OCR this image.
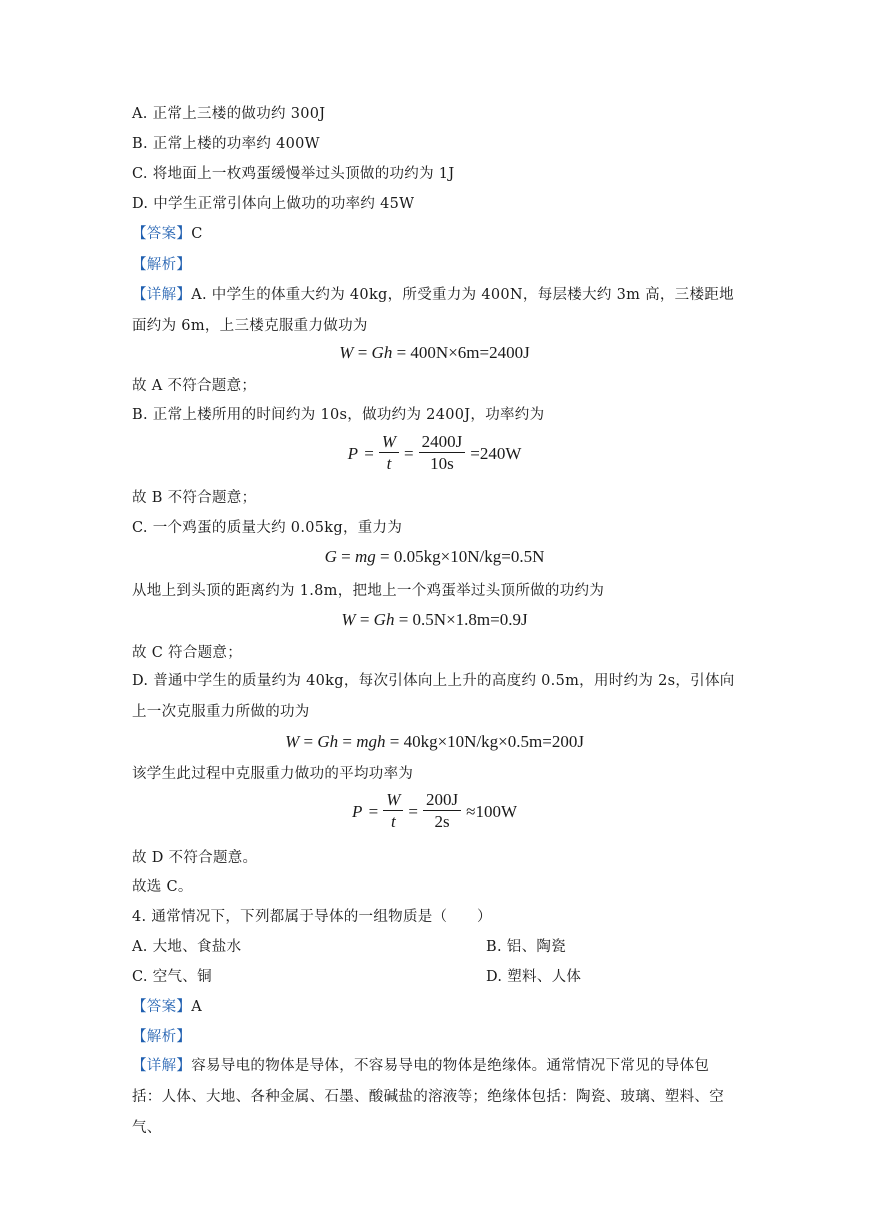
A. 正常上三楼的做功约 300J
B. 正常上楼的功率约 400W
C. 将地面上一枚鸡蛋缓慢举过头顶做的功约为 1J
D. 中学生正常引体向上做功的功率约 45W
【答案】C
【解析】
【详解】A. 中学生的体重大约为 40kg，所受重力为 400N，每层楼大约 3m 高，三楼距地面约为 6m，上三楼克服重力做功为
W = Gh = 400N×6m=2400J
故 A 不符合题意；
B. 正常上楼所用的时间约为 10s，做功约为 2400J，功率约为
$P = \frac{W}{t} = \frac{2400J}{10s} =240W$
故 B 不符合题意；
C. 一个鸡蛋的质量大约 0.05kg，重力为
G = mg = 0.05kg×10N/kg=0.5N
从地上到头顶的距离约为 1.8m，把地上一个鸡蛋举过头顶所做的功约为
W = Gh = 0.5N×1.8m=0.9J
故 C 符合题意；
D. 普通中学生的质量约为 40kg，每次引体向上上升的高度约 0.5m，用时约为 2s，引体向上一次克服重力所做的功为
W = Gh = mgh = 40kg×10N/kg×0.5m=200J
该学生此过程中克服重力做功的平均功率为
$P = \frac{W}{t} = \frac{200J}{2s} \approx 100W$
故 D 不符合题意。
故选 C。
4. 通常情况下，下列都属于导体的一组物质是（　　）
A. 大地、食盐水	B. 铝、陶瓷
C. 空气、铜	D. 塑料、人体
【答案】A
【解析】
【详解】容易导电的物体是导体，不容易导电的物体是绝缘体。通常情况下常见的导体包括：人体、大地、各种金属、石墨、酸碱盐的溶液等；绝缘体包括：陶瓷、玻璃、塑料、空气、
